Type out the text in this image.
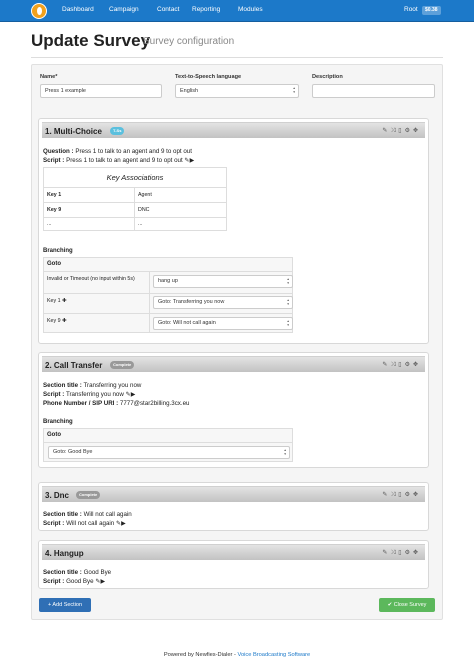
Dashboard Campaign	Contact Reporting	Modules	Root	$0.38
Update Survey
Survey configuration
Name*
Press 1 example
Text-to-Speech language
English ▴ ▾
Description
1. Multi-Choice	T-Ss	✎⤨▯⚙✥
Question : Press 1 to talk to an agent and 9 to opt out
Script : Press 1 to talk to an agent and 9 to opt out ✎▶
Key Associations
Key 1	Agent
Key 9	DNC
...	...
Branching
Goto
Invalid or Timeout (no input within 5s)	hang up ▴ ▾
Key 1 ✚	Goto: Transferring you now ▴ ▾
Key 9 ✚	Goto: Will not call again ▴ ▾
2. Call Transfer	Complete	✎⤨▯⚙✥
Section title : Transferring you now
Script : Transferring you now ✎▶
Phone Number / SIP URI : 7777@star2billing.3cx.eu
Branching
Goto
Goto: Good Bye ▴ ▾
3. Dnc	Complete	✎⤨▯⚙✥
Section title : Will not call again
Script : Will not call again ✎▶
4. Hangup	✎⤨▯⚙✥
Section title : Good Bye
Script : Good Bye ✎▶
+ Add Section	✔ Close Survey
Powered by Newfies-Dialer - Voice Broadcasting Software
